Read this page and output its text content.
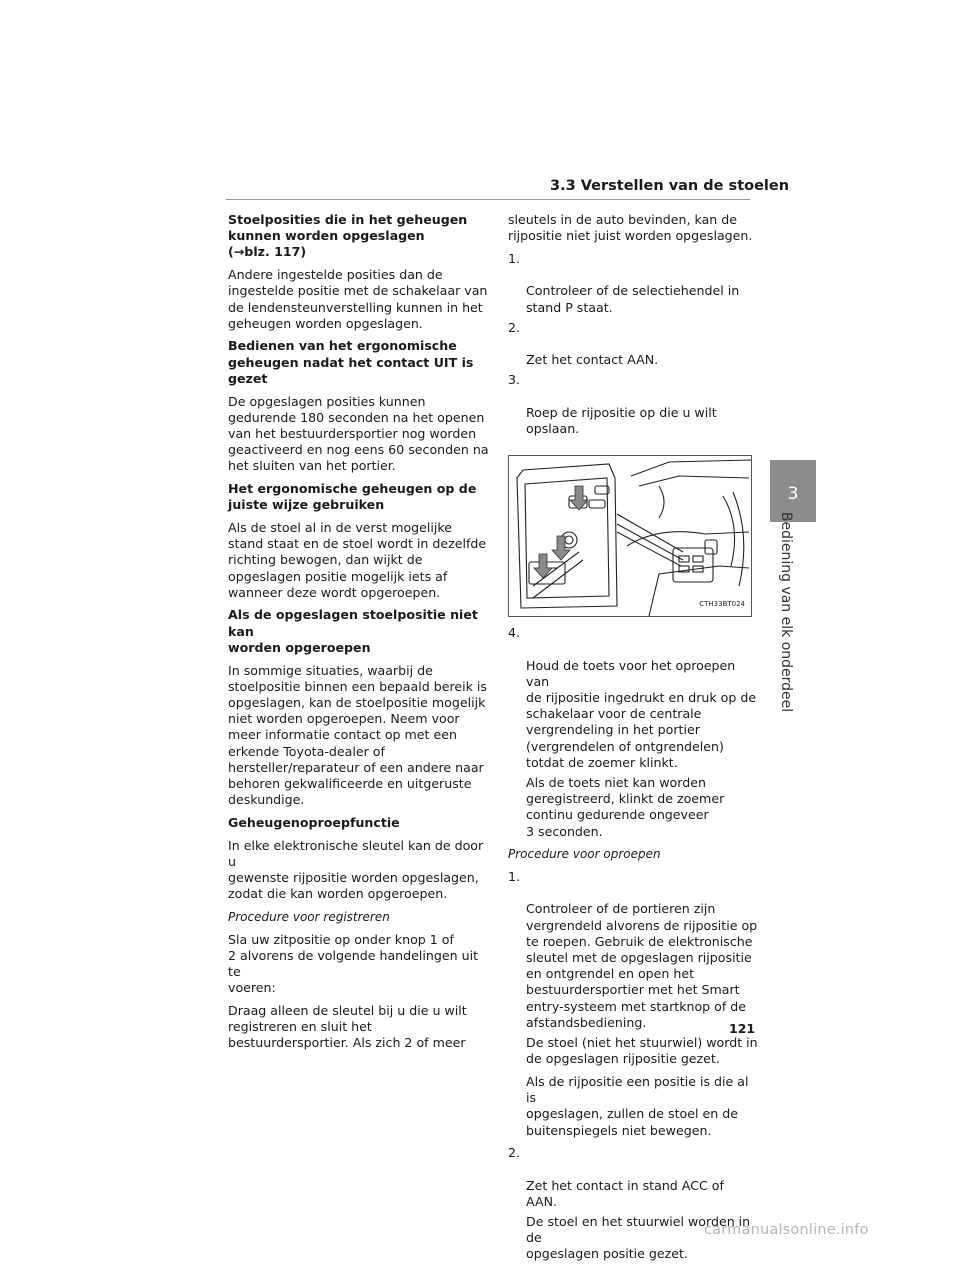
3.3 Verstellen van de stoelen

Stoelposities die in het geheugen
kunnen worden opgeslagen
(→blz. 117)

Andere ingestelde posities dan de
ingestelde positie met de schakelaar van
de lendensteunverstelling kunnen in het
geheugen worden opgeslagen.

Bedienen van het ergonomische
geheugen nadat het contact UIT is
gezet

De opgeslagen posities kunnen
gedurende 180 seconden na het openen
van het bestuurdersportier nog worden
geactiveerd en nog eens 60 seconden na
het sluiten van het portier.

Het ergonomische geheugen op de
juiste wijze gebruiken

Als de stoel al in de verst mogelijke
stand staat en de stoel wordt in dezelfde
richting bewogen, dan wijkt de
opgeslagen positie mogelijk iets af
wanneer deze wordt opgeroepen.

Als de opgeslagen stoelpositie niet kan
worden opgeroepen

In sommige situaties, waarbij de
stoelpositie binnen een bepaald bereik is
opgeslagen, kan de stoelpositie mogelijk
niet worden opgeroepen. Neem voor
meer informatie contact op met een
erkende Toyota-dealer of
hersteller/reparateur of een andere naar
behoren gekwalificeerde en uitgeruste
deskundige.

Geheugenoproepfunctie

In elke elektronische sleutel kan de door u
gewenste rijpositie worden opgeslagen,
zodat die kan worden opgeroepen.

Procedure voor registreren

Sla uw zitpositie op onder knop 1 of
2 alvorens de volgende handelingen uit te
voeren:

Draag alleen de sleutel bij u die u wilt
registreren en sluit het
bestuurdersportier. Als zich 2 of meer

sleutels in de auto bevinden, kan de
rijpositie niet juist worden opgeslagen.

1.

Controleer of de selectiehendel in
stand P staat.

2.

Zet het contact AAN.

3.

Roep de rijpositie op die u wilt
opslaan.

CTH33BT024

4.

Houd de toets voor het oproepen van
de rijpositie ingedrukt en druk op de
schakelaar voor de centrale
vergrendeling in het portier
(vergrendelen of ontgrendelen)
totdat de zoemer klinkt.

Als de toets niet kan worden
geregistreerd, klinkt de zoemer
continu gedurende ongeveer
3 seconden.

Procedure voor oproepen

1.

Controleer of de portieren zijn
vergrendeld alvorens de rijpositie op
te roepen. Gebruik de elektronische
sleutel met de opgeslagen rijpositie
en ontgrendel en open het
bestuurdersportier met het Smart
entry-systeem met startknop of de
afstandsbediening.

De stoel (niet het stuurwiel) wordt in
de opgeslagen rijpositie gezet.

Als de rijpositie een positie is die al is
opgeslagen, zullen de stoel en de
buitenspiegels niet bewegen.

2.

Zet het contact in stand ACC of AAN.

De stoel en het stuurwiel worden in de
opgeslagen positie gezet.

3
Bediening van elk onderdeel
121
carmanualsonline.info
